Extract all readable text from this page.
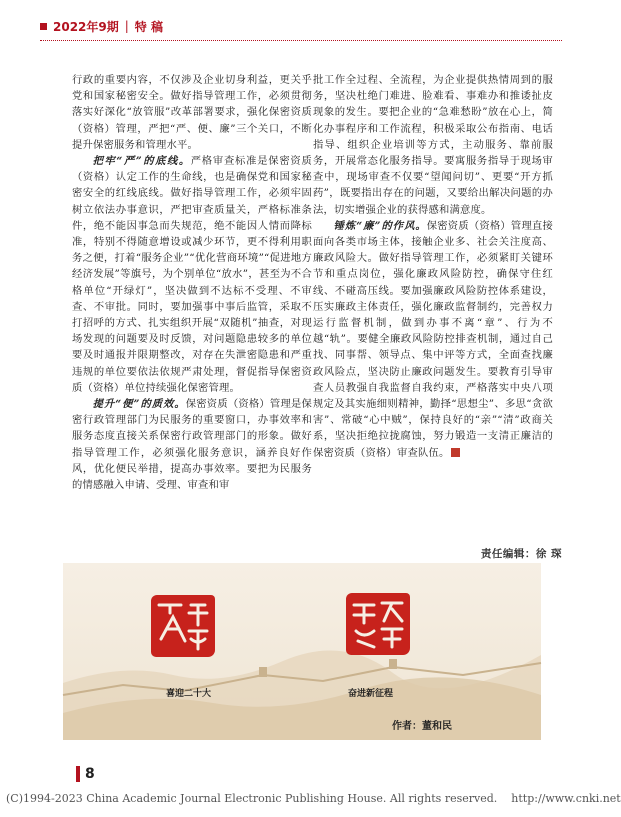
2022年9期 | 特 稿

行政的重要内容，不仅涉及企业切身利益，更关乎党和国家秘密安全。做好指导管理工作，必须贯彻落实好深化“放管服”改革部署要求，强化保密资质（资格）管理，严把“严、便、廉”三个关口，不断提升保密服务和管理水平。

把牢“严”的底线。严格审查标准是保密资质（资格）认定工作的生命线，也是确保党和国家秘密安全的红线底线。做好指导管理工作，必须牢固树立依法办事意识，严把审查质量关，严格标准条件，绝不能因事急而失规范，绝不能因人情而降标准，特别不得随意增设或减少环节，更不得利用职务之便，打着“服务企业”“优化营商环境”“促进地方经济发展”等旗号，为个别单位“放水”，甚至为不合格单位“开绿灯”，坚决做到不达标不受理、不审查、不审批。同时，要加强事中事后监管，采取不打招呼的方式、扎实组织开展“双随机”抽查，对现场发现的问题要及时反馈，对问题隐患较多的单位要及时通报并限期整改，对存在失泄密隐患和严重违规的单位要依法依规严肃处理，督促指导保密资质（资格）单位持续强化保密管理。

提升“便”的质效。保密资质（资格）管理是保密行政管理部门为民服务的重要窗口，办事效率和服务态度直接关系保密行政管理部门的形象。做好指导管理工作，必须强化服务意识，涵养良好作风，优化便民举措，提高办事效率。要把为民服务的情感融入申请、受理、审查和审

批工作全过程、全流程，为企业提供热情周到的服务，坚决杜绝门难进、脸难看、事难办和推诿扯皮现象的发生。要把企业的“急难愁盼”放在心上，简化办事程序和工作流程，积极采取公布指南、电话指导、组织企业培训等方式，主动服务、靠前服务，开展常态化服务指导。要寓服务指导于现场审查中，现场审查不仅要“望闻问切”、更要“开方抓药”，既要指出存在的问题，又要给出解决问题的办法，切实增强企业的获得感和满意度。

锤炼“廉”的作风。保密资质（资格）管理直接面向各类市场主体，接触企业多、社会关注度高、廉政风险大。做好指导管理工作，必须紧盯关键环节和重点岗位，强化廉政风险防控，确保守住红线、不碰高压线。要加强廉政风险防控体系建设，压实廉政主体责任，强化廉政监督制约，完善权力运行监督机制，做到办事不离“章”、行为不越“轨”。要健全廉政风险防控排查机制，通过自己找、同事帮、领导点、集中评等方式，全面查找廉政风险点，坚决防止廉政问题发生。要教育引导审查人员教强自我监督自我约束，严格落实中央八项规定及其实施细则精神，勤择“思想尘”、多思“贪欲害”、常破“心中贼”，保持良好的“亲”“清”政商关系，坚决拒绝拉拢腐蚀，努力锻造一支清正廉洁的保密资质（资格）审查队伍。

责任编辑：徐 琛
喜迎二十大	奋进新征程
作者：董和民
8
(C)1994-2023 China Academic Journal Electronic Publishing House. All rights reserved. http://www.cnki.net
